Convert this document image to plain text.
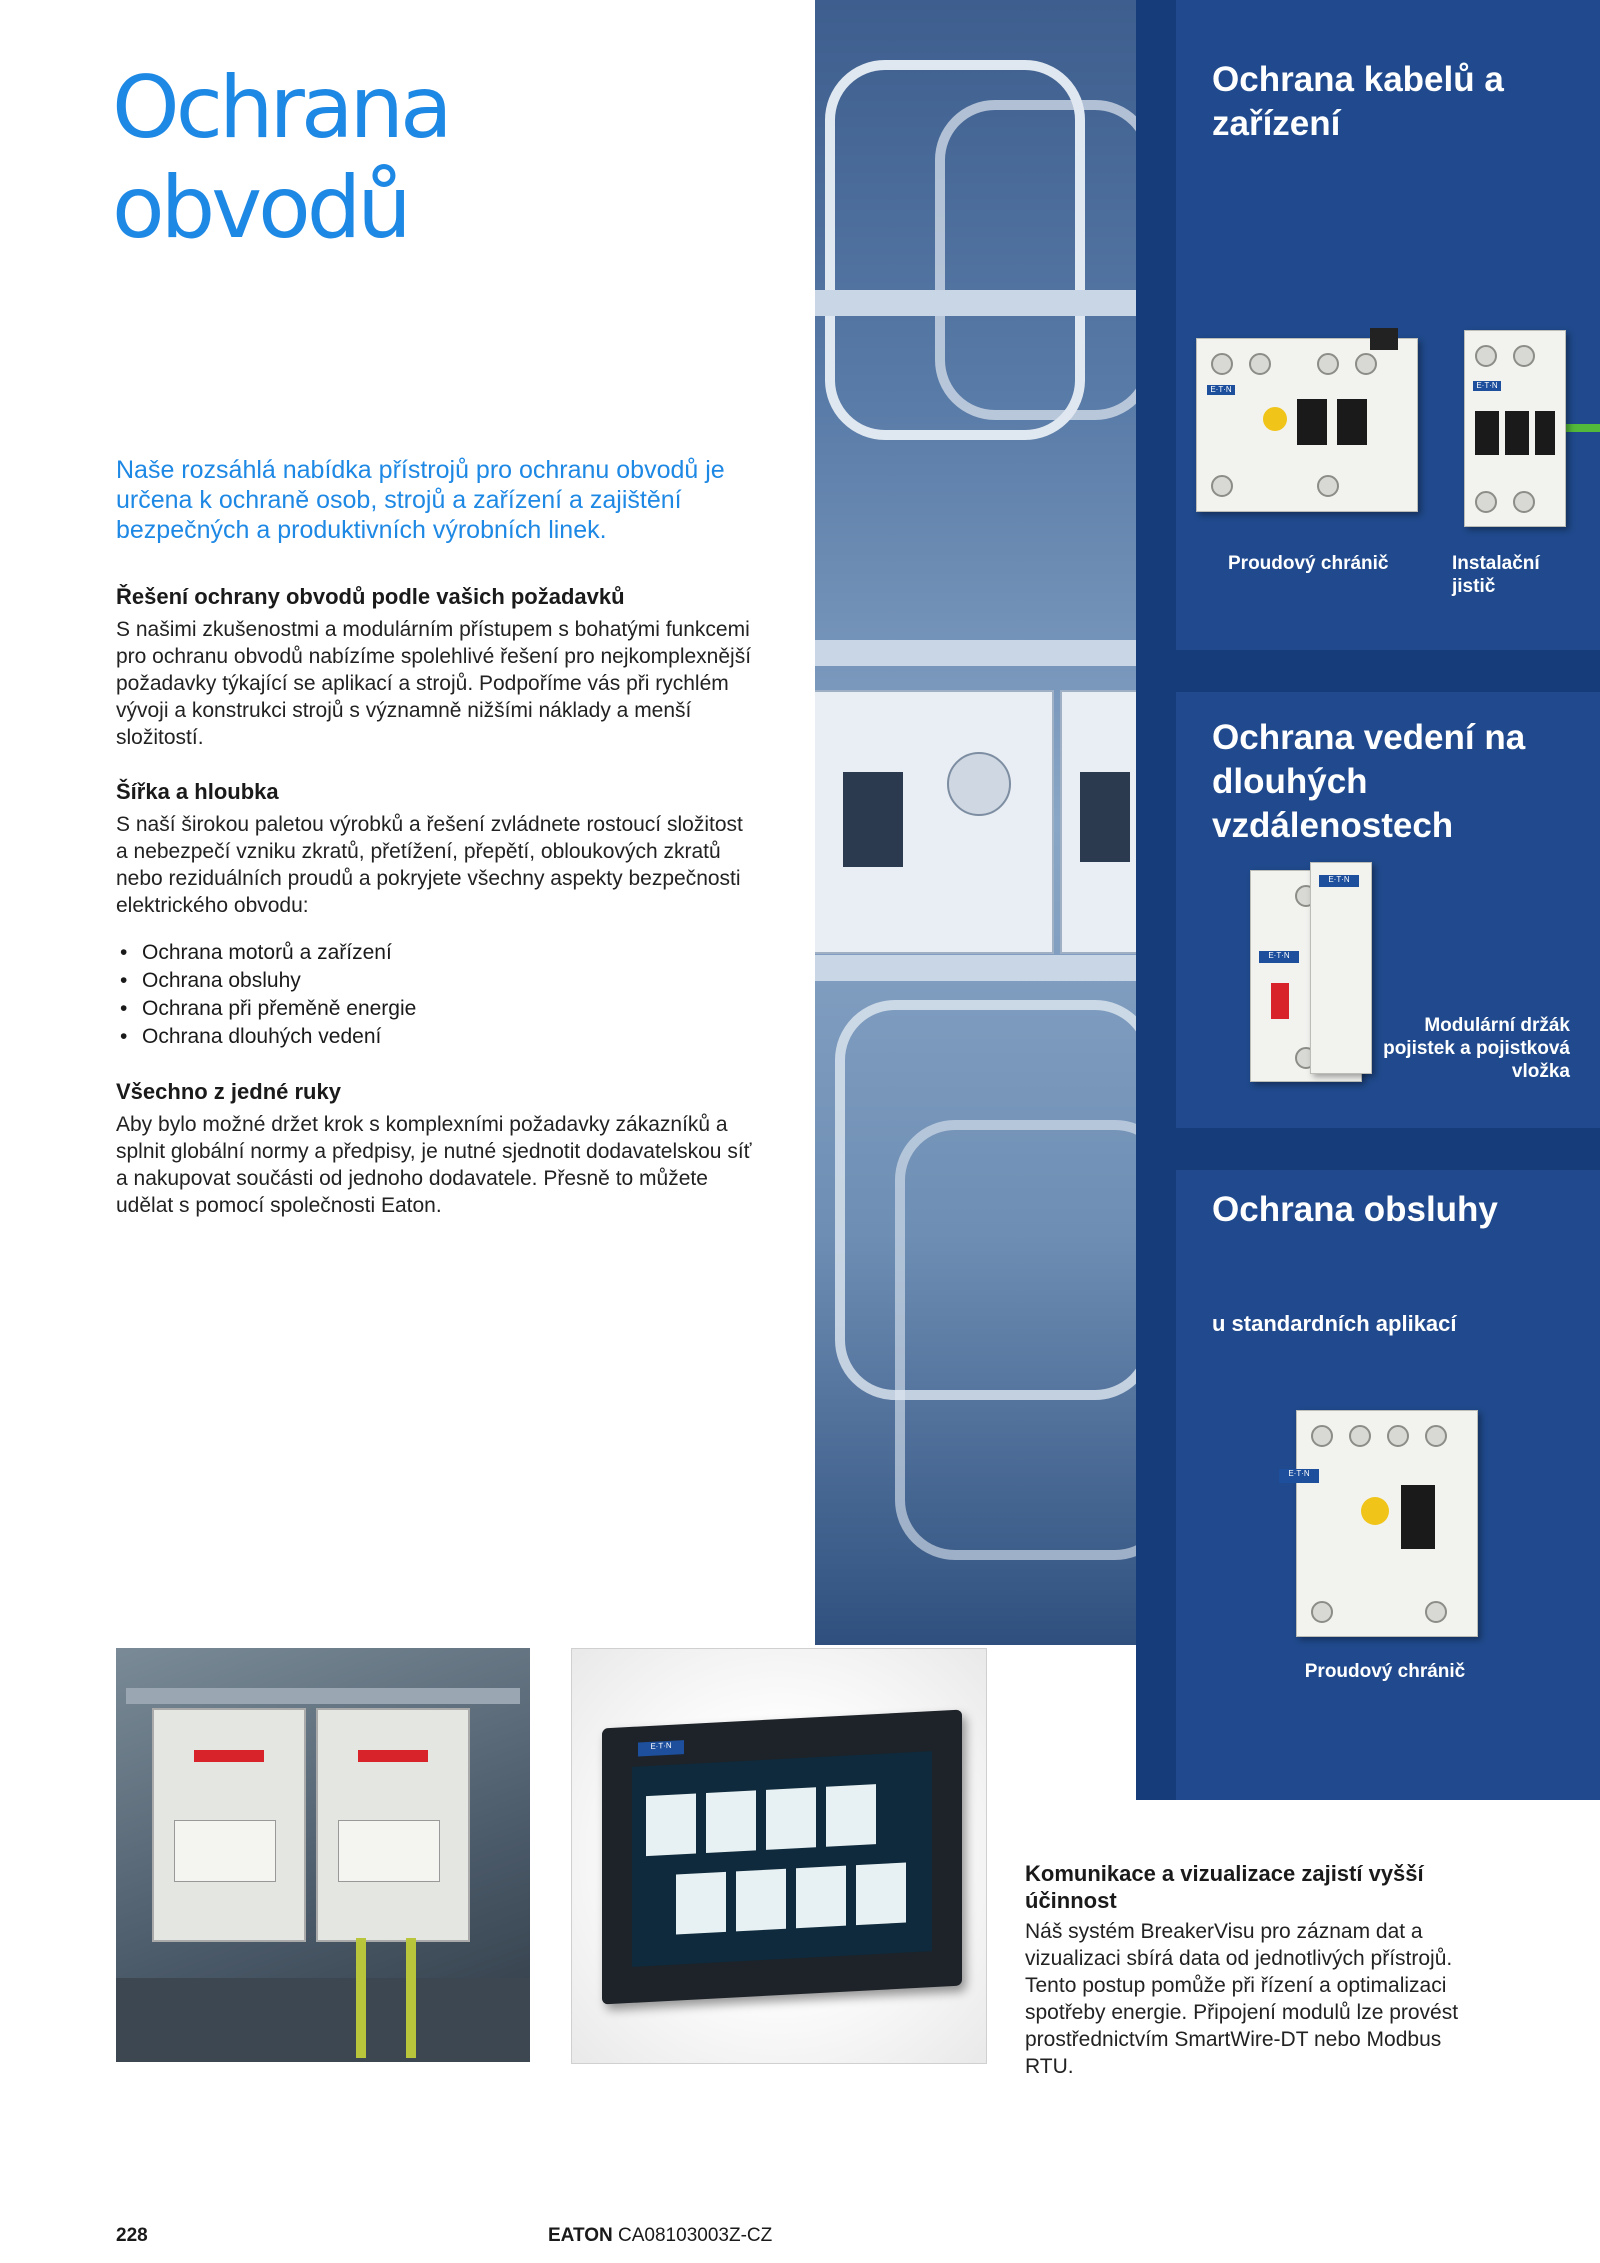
Ochrana obvodů

Naše rozsáhlá nabídka přístrojů pro ochranu obvodů je určena k ochraně osob, strojů a zařízení a zajištění bezpečných a produktivních výrobních linek.

Řešení ochrany obvodů podle vašich požadavků

S našimi zkušenostmi a modulárním přístupem s bohatými funkcemi pro ochranu obvodů nabízíme spolehlivé řešení pro nejkomplexnější požadavky týkající se aplikací a strojů. Podpoříme vás při rychlém vývoji a konstrukci strojů s významně nižšími náklady a menší složitostí.

Šířka a hloubka

S naší širokou paletou výrobků a řešení zvládnete rostoucí složitost a nebezpečí vzniku zkratů, přetížení, přepětí, obloukových zkratů nebo reziduálních proudů a pokryjete všechny aspekty bezpečnosti elektrického obvodu:

• Ochrana motorů a zařízení
• Ochrana obsluhy
• Ochrana při přeměně energie
• Ochrana dlouhých vedení
Všechno z jedné ruky

Aby bylo možné držet krok s komplexními požadavky zákazníků a splnit globální normy a předpisy, je nutné sjednotit dodavatelskou síť a nakupovat součásti od jednoho dodavatele. Přesně to můžete udělat s pomocí společnosti Eaton.

Ochrana kabelů a zařízení
E·T·N	E·T·N

Proudový chránič	Instalační jistič

Ochrana vedení na dlouhých vzdálenostech
E·T·N
E·T·N

Modulární držák pojistek a pojistková vložka

Ochrana obsluhy

u standardních aplikací

E·T·N

Proudový chránič

E·T·N
Komunikace a vizualizace zajistí vyšší účinnost

Náš systém BreakerVisu pro záznam dat a vizualizaci sbírá data od jednotlivých přístrojů. Tento postup pomůže při řízení a optimalizaci spotřeby energie. Připojení modulů lze provést prostřednictvím SmartWire-DT nebo Modbus RTU.

228	EATON CA08103003Z-CZ
